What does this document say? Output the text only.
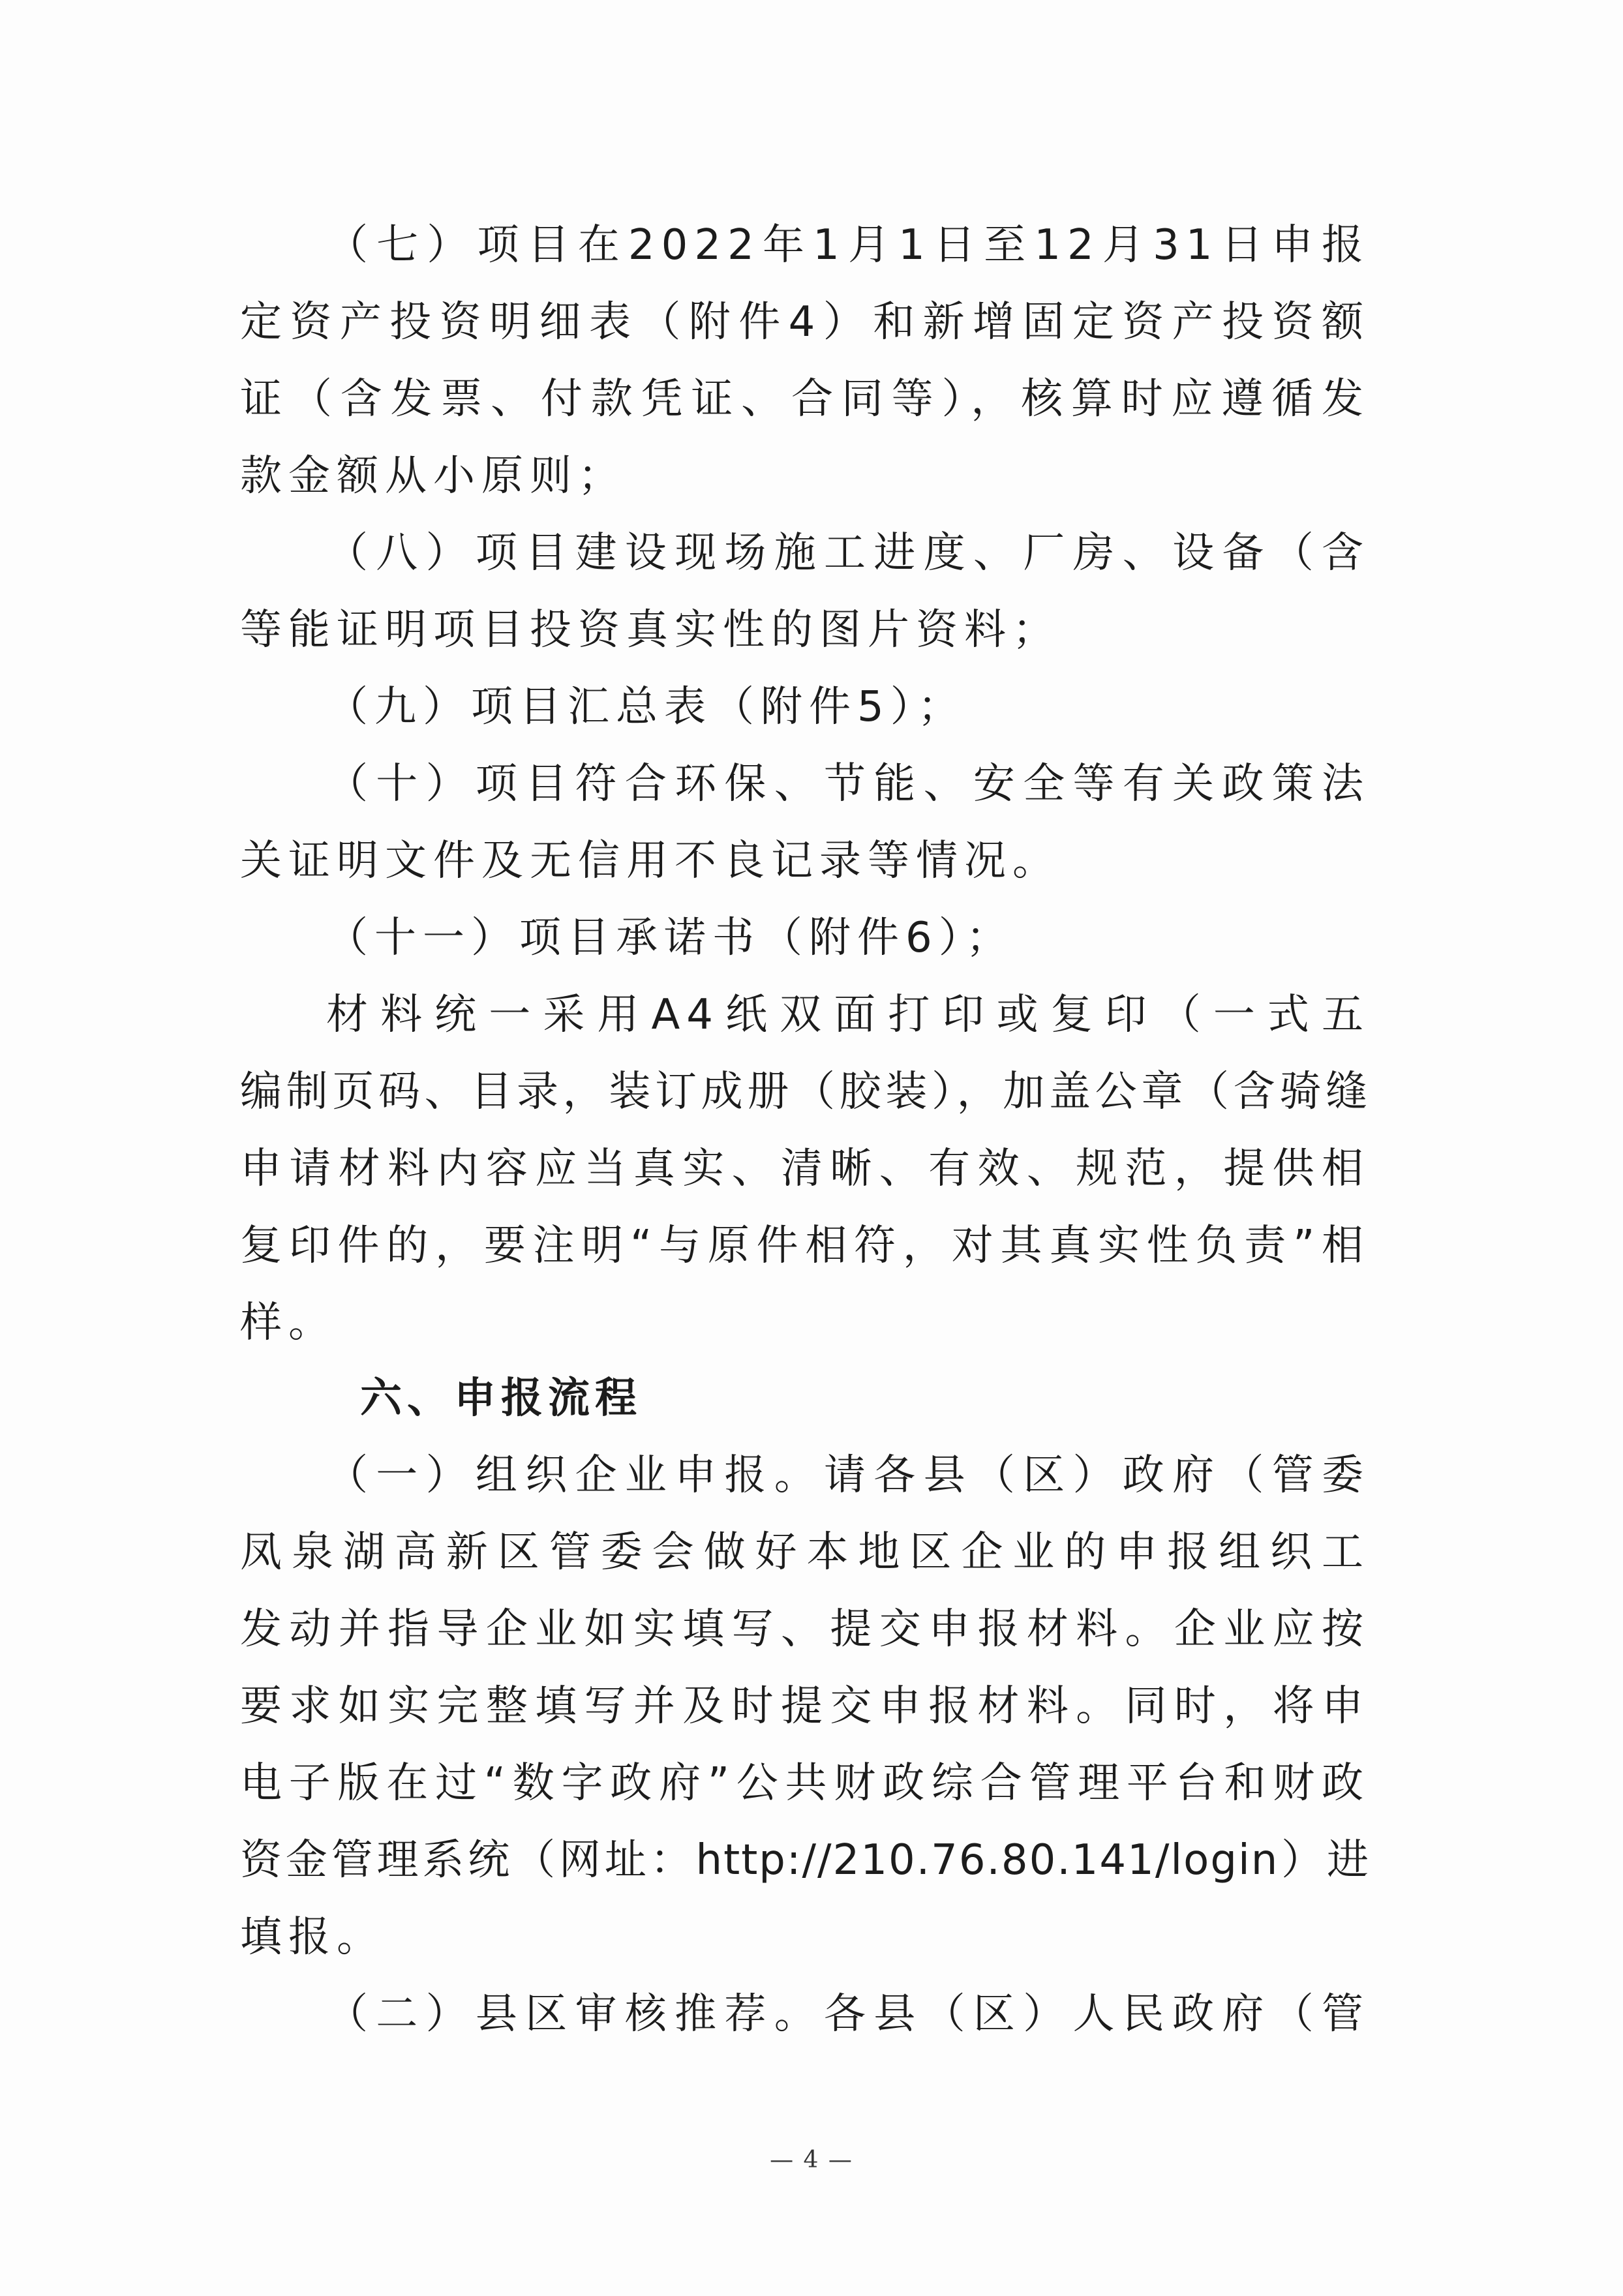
（七）项目在2022年1月1日至12月31日申报
定资产投资明细表（附件4）和新增固定资产投资额
证（含发票、付款凭证、合同等），核算时应遵循发
款金额从小原则；
（八）项目建设现场施工进度、厂房、设备（含
等能证明项目投资真实性的图片资料；
（九）项目汇总表（附件5）；
（十）项目符合环保、节能、安全等有关政策法
关证明文件及无信用不良记录等情况。
（十一）项目承诺书（附件6）；
材料统一采用A4纸双面打印或复印（一式五
编制页码、目录，装订成册（胶装），加盖公章（含骑缝
申请材料内容应当真实、清晰、有效、规范，提供相
复印件的，要注明“与原件相符，对其真实性负责”相
样。
六、申报流程
（一）组织企业申报。请各县（区）政府（管委
凤泉湖高新区管委会做好本地区企业的申报组织工
发动并指导企业如实填写、提交申报材料。企业应按
要求如实完整填写并及时提交申报材料。同时，将申
电子版在过“数字政府”公共财政综合管理平台和财政
资金管理系统（网址：http://210.76.80.141/login）进
填报。
（二）县区审核推荐。各县（区）人民政府（管
— 4 —
